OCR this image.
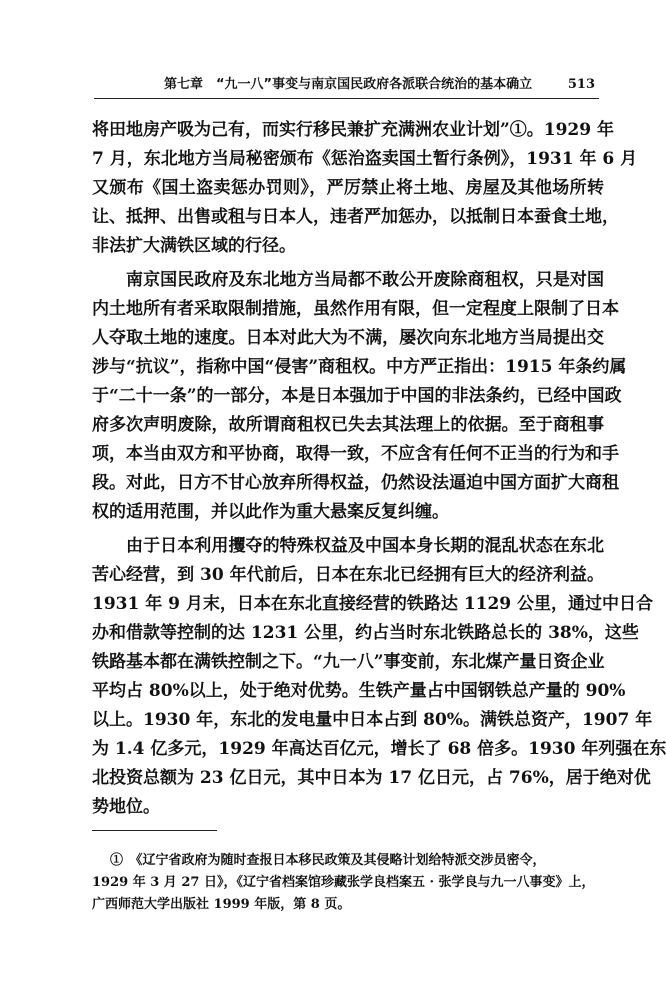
第七章　“九一八”事变与南京国民政府各派联合统治的基本确立	513

将田地房产吸为己有，而实行移民兼扩充满洲农业计划”①。1929 年
7 月，东北地方当局秘密颁布《惩治盗卖国土暂行条例》，1931 年 6 月
又颁布《国土盗卖惩办罚则》，严厉禁止将土地、房屋及其他场所转
让、抵押、出售或租与日本人，违者严加惩办，以抵制日本蚕食土地，
非法扩大满铁区域的行径。

南京国民政府及东北地方当局都不敢公开废除商租权，只是对国
内土地所有者采取限制措施，虽然作用有限，但一定程度上限制了日本
人夺取土地的速度。日本对此大为不满，屡次向东北地方当局提出交
涉与“抗议”，指称中国“侵害”商租权。中方严正指出：1915 年条约属
于“二十一条”的一部分，本是日本强加于中国的非法条约，已经中国政
府多次声明废除，故所谓商租权已失去其法理上的依据。至于商租事
项，本当由双方和平协商，取得一致，不应含有任何不正当的行为和手
段。对此，日方不甘心放弃所得权益，仍然设法逼迫中国方面扩大商租
权的适用范围，并以此作为重大悬案反复纠缠。

由于日本利用攫夺的特殊权益及中国本身长期的混乱状态在东北
苦心经营，到 30 年代前后，日本在东北已经拥有巨大的经济利益。
1931 年 9 月末，日本在东北直接经营的铁路达 1129 公里，通过中日合
办和借款等控制的达 1231 公里，约占当时东北铁路总长的 38%，这些
铁路基本都在满铁控制之下。“九一八”事变前，东北煤产量日资企业
平均占 80%以上，处于绝对优势。生铁产量占中国钢铁总产量的 90%
以上。1930 年，东北的发电量中日本占到 80%。满铁总资产，1907 年
为 1.4 亿多元，1929 年高达百亿元，增长了 68 倍多。1930 年列强在东
北投资总额为 23 亿日元，其中日本为 17 亿日元，占 76%，居于绝对优
势地位。

①　《辽宁省政府为随时查报日本移民政策及其侵略计划给特派交涉员密令，
1929 年 3 月 27 日》，《辽宁省档案馆珍藏张学良档案五 · 张学良与九一八事变》上，
广西师范大学出版社 1999 年版，第 8 页。
